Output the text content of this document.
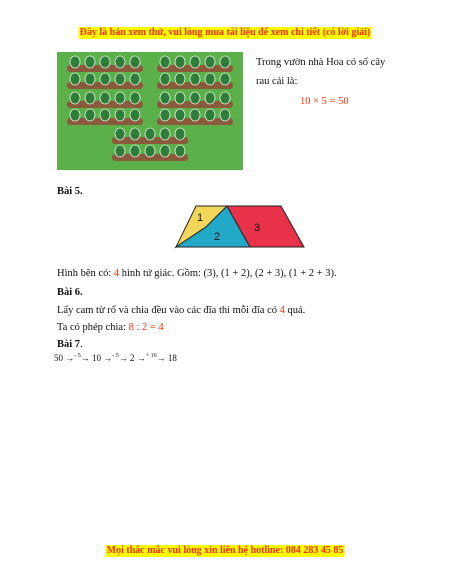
Đây là bản xem thử, vui lòng mua tài liệu để xem chi tiết (có lời giải)
Trong vườn nhà Hoa có số cây rau cải là:
10 × 5 = 50
Bài 5.
1
2
3
Hình bên có: 4 hình tứ giác. Gồm: (3), (1 + 2), (2 + 3), (1 + 2 + 3).
Bài 6.
Lấy cam từ rổ và chia đều vào các đĩa thì mỗi đĩa có 4 quả.
Ta có phép chia: 8 : 2 = 4
Bài 7.
50 →$^{- 5}$→ 10 →$^{- 5}$→ 2 →$^{+ 16}$→ 18
Mọi thắc mắc vui lòng xin liên hệ hotline: 084 283 45 85
